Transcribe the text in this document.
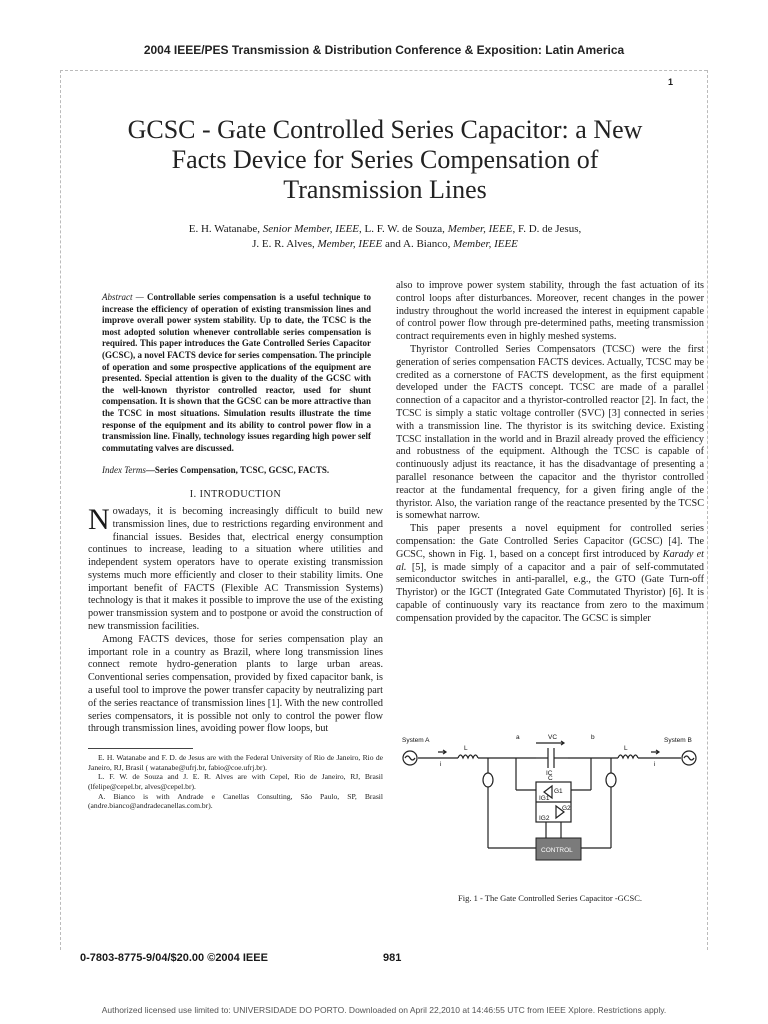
2004 IEEE/PES Transmission & Distribution Conference & Exposition: Latin America
1
GCSC - Gate Controlled Series Capacitor: a New Facts Device for Series Compensation of Transmission Lines
E. H. Watanabe, Senior Member, IEEE, L. F. W. de Souza, Member, IEEE, F. D. de Jesus,
J. E. R. Alves, Member, IEEE and A. Bianco, Member, IEEE

Abstract — Controllable series compensation is a useful technique to increase the efficiency of operation of existing transmission lines and improve overall power system stability. Up to date, the TCSC is the most adopted solution whenever controllable series compensation is required. This paper introduces the Gate Controlled Series Capacitor (GCSC), a novel FACTS device for series compensation. The principle of operation and some prospective applications of the equipment are presented. Special attention is given to the duality of the GCSC with the well-known thyristor controlled reactor, used for shunt compensation. It is shown that the GCSC can be more attractive than the TCSC in most situations. Simulation results illustrate the time response of the equipment and its ability to control power flow in a transmission line. Finally, technology issues regarding high power self commutating valves are discussed.

Index Terms—Series Compensation, TCSC, GCSC, FACTS.

I. INTRODUCTION

Nowadays, it is becoming increasingly difficult to build new transmission lines, due to restrictions regarding environment and financial issues. Besides that, electrical energy consumption continues to increase, leading to a situation where utilities and independent system operators have to operate existing transmission systems much more efficiently and closer to their stability limits. One important benefit of FACTS (Flexible AC Transmission Systems) technology is that it makes it possible to improve the use of the existing power transmission system and to postpone or avoid the construction of new transmission facilities.

Among FACTS devices, those for series compensation play an important role in a country as Brazil, where long transmission lines connect remote hydro-generation plants to large urban areas. Conventional series compensation, provided by fixed capacitor bank, is a useful tool to improve the power transfer capacity by neutralizing part of the series reactance of transmission lines [1]. With the new controlled series compensators, it is possible not only to control the power flow through transmission lines, avoiding power flow loops, but

E. H. Watanabe and F. D. de Jesus are with the Federal University of Rio de Janeiro, Rio de Janeiro, RJ, Brasil ( watanabe@ufrj.br, fabio@coe.ufrj.br).

L. F. W. de Souza and J. E. R. Alves are with Cepel, Rio de Janeiro, RJ, Brasil (lfelipe@cepel.br, alves@cepel.br).

A. Bianco is with Andrade e Canellas Consulting, São Paulo, SP, Brasil (andre.bianco@andradecanellas.com.br).

also to improve power system stability, through the fast actuation of its control loops after disturbances. Moreover, recent changes in the power industry throughout the world increased the interest in equipment capable of control power flow through pre-determined paths, meeting transmission contract requirements even in highly meshed systems.

Thyristor Controlled Series Compensators (TCSC) were the first generation of series compensation FACTS devices. Actually, TCSC may be credited as a cornerstone of FACTS development, as the first equipment developed under the FACTS concept. TCSC are made of a parallel connection of a capacitor and a thyristor-controlled reactor [2]. In fact, the TCSC is simply a static voltage controller (SVC) [3] connected in series with a transmission line. The thyristor is its switching device. Existing TCSC installation in the world and in Brazil already proved the efficiency and robustness of the equipment. Although the TCSC is capable of continuously adjust its reactance, it has the disadvantage of presenting a parallel resonance between the capacitor and the thyristor controlled reactor at the fundamental frequency, for a given firing angle of the thyristor. Also, the variation range of the reactance presented by the TCSC is somewhat narrow.

This paper presents a novel equipment for controlled series compensation: the Gate Controlled Series Capacitor (GCSC) [4]. The GCSC, shown in Fig. 1, based on a concept first introduced by Karady et al. [5], is made simply of a capacitor and a pair of self-commutated semiconductor switches in anti-parallel, e.g., the GTO (Gate Turn-off Thyristor) or the IGCT (Integrated Gate Commutated Thyristor) [6]. It is capable of continuously vary its reactance from zero to the maximum compensation provided by the capacitor. The GCSC is simpler

System A	System B
a	b
VC
IC
i	i
L	L
C
G1
G2
IG1
IG2
CONTROL
Fig. 1 - The Gate Controlled Series Capacitor -GCSC.
0-7803-8775-9/04/$20.00 ©2004 IEEE	981
Authorized licensed use limited to: UNIVERSIDADE DO PORTO. Downloaded on April 22,2010 at 14:46:55 UTC from IEEE Xplore. Restrictions apply.
